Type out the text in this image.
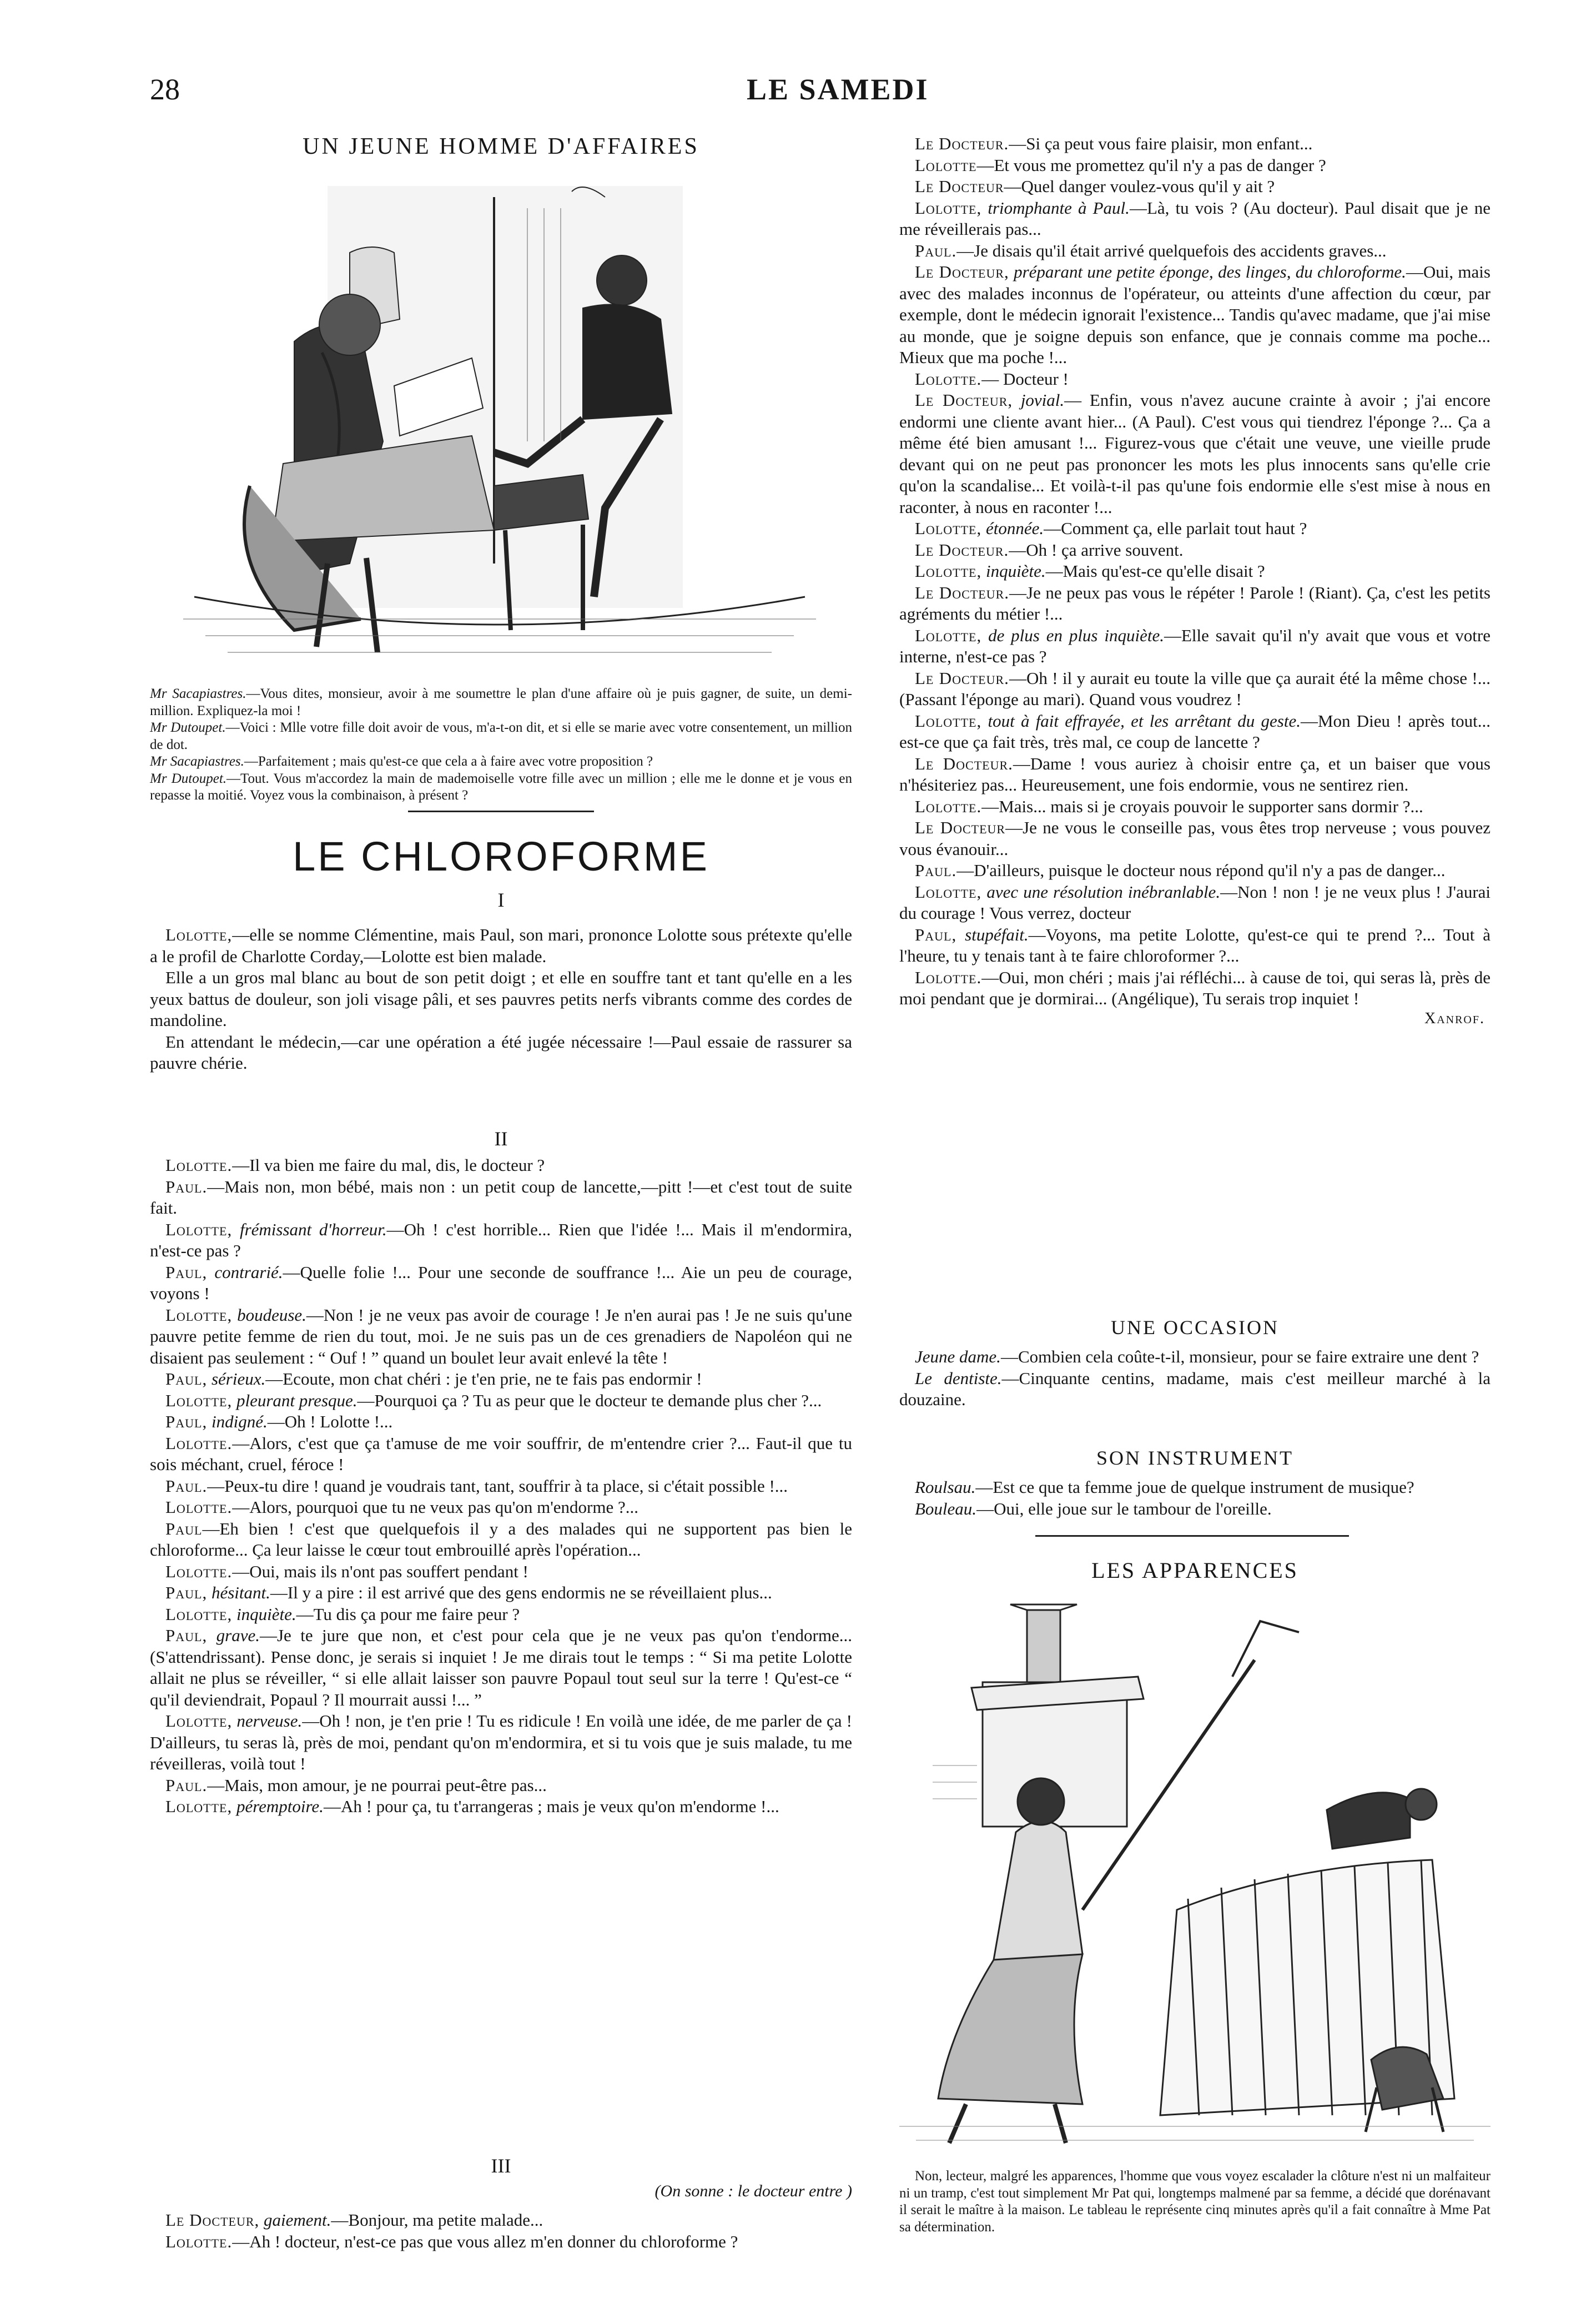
28	LE SAMEDI
UN JEUNE HOMME D'AFFAIRES

Mr Sacapiastres.—Vous dites, monsieur, avoir à me soumettre le plan d'une affaire où je puis gagner, de suite, un demi-million. Expliquez-la moi !

Mr Dutoupet.—Voici : Mlle votre fille doit avoir de vous, m'a-t-on dit, et si elle se marie avec votre consentement, un million de dot.

Mr Sacapiastres.—Parfaitement ; mais qu'est-ce que cela a à faire avec votre proposition ?

Mr Dutoupet.—Tout. Vous m'accordez la main de mademoiselle votre fille avec un million ; elle me le donne et je vous en repasse la moitié. Voyez vous la combinaison, à présent ?

LE CHLOROFORME
I

Lolotte,—elle se nomme Clémentine, mais Paul, son mari, prononce Lolotte sous prétexte qu'elle a le profil de Charlotte Corday,—Lolotte est bien malade.

Elle a un gros mal blanc au bout de son petit doigt ; et elle en souffre tant et tant qu'elle en a les yeux battus de douleur, son joli visage pâli, et ses pauvres petits nerfs vibrants comme des cordes de mandoline.

En attendant le médecin,—car une opération a été jugée nécessaire !—Paul essaie de rassurer sa pauvre chérie.

II

Lolotte.—Il va bien me faire du mal, dis, le docteur ?

Paul.—Mais non, mon bébé, mais non : un petit coup de lancette,—pitt !—et c'est tout de suite fait.

Lolotte, frémissant d'horreur.—Oh ! c'est horrible... Rien que l'idée !... Mais il m'endormira, n'est-ce pas ?

Paul, contrarié.—Quelle folie !... Pour une seconde de souffrance !... Aie un peu de courage, voyons !

Lolotte, boudeuse.—Non ! je ne veux pas avoir de courage ! Je n'en aurai pas ! Je ne suis qu'une pauvre petite femme de rien du tout, moi. Je ne suis pas un de ces grenadiers de Napoléon qui ne disaient pas seulement : “ Ouf ! ” quand un boulet leur avait enlevé la tête !

Paul, sérieux.—Ecoute, mon chat chéri : je t'en prie, ne te fais pas endormir !

Lolotte, pleurant presque.—Pourquoi ça ? Tu as peur que le docteur te demande plus cher ?...

Paul, indigné.—Oh ! Lolotte !...

Lolotte.—Alors, c'est que ça t'amuse de me voir souffrir, de m'entendre crier ?... Faut-il que tu sois méchant, cruel, féroce !

Paul.—Peux-tu dire ! quand je voudrais tant, tant, souffrir à ta place, si c'était possible !...

Lolotte.—Alors, pourquoi que tu ne veux pas qu'on m'endorme ?...

Paul—Eh bien ! c'est que quelquefois il y a des malades qui ne supportent pas bien le chloroforme... Ça leur laisse le cœur tout embrouillé après l'opération...

Lolotte.—Oui, mais ils n'ont pas souffert pendant !

Paul, hésitant.—Il y a pire : il est arrivé que des gens endormis ne se réveillaient plus...

Lolotte, inquiète.—Tu dis ça pour me faire peur ?

Paul, grave.—Je te jure que non, et c'est pour cela que je ne veux pas qu'on t'endorme... (S'attendrissant). Pense donc, je serais si inquiet ! Je me dirais tout le temps : “ Si ma petite Lolotte allait ne plus se réveiller, “ si elle allait laisser son pauvre Popaul tout seul sur la terre ! Qu'est-ce “ qu'il deviendrait, Popaul ? Il mourrait aussi !... ”

Lolotte, nerveuse.—Oh ! non, je t'en prie ! Tu es ridicule ! En voilà une idée, de me parler de ça ! D'ailleurs, tu seras là, près de moi, pendant qu'on m'endormira, et si tu vois que je suis malade, tu me réveilleras, voilà tout !

Paul.—Mais, mon amour, je ne pourrai peut-être pas...

Lolotte, péremptoire.—Ah ! pour ça, tu t'arrangeras ; mais je veux qu'on m'endorme !...

III
(On sonne : le docteur entre )

Le Docteur, gaiement.—Bonjour, ma petite malade...

Lolotte.—Ah ! docteur, n'est-ce pas que vous allez m'en donner du chloroforme ?

Le Docteur.—Si ça peut vous faire plaisir, mon enfant...

Lolotte—Et vous me promettez qu'il n'y a pas de danger ?

Le Docteur—Quel danger voulez-vous qu'il y ait ?

Lolotte, triomphante à Paul.—Là, tu vois ? (Au docteur). Paul disait que je ne me réveillerais pas...

Paul.—Je disais qu'il était arrivé quelquefois des accidents graves...

Le Docteur, préparant une petite éponge, des linges, du chloroforme.—Oui, mais avec des malades inconnus de l'opérateur, ou atteints d'une affection du cœur, par exemple, dont le médecin ignorait l'existence... Tandis qu'avec madame, que j'ai mise au monde, que je soigne depuis son enfance, que je connais comme ma poche... Mieux que ma poche !...

Lolotte.— Docteur !

Le Docteur, jovial.— Enfin, vous n'avez aucune crainte à avoir ; j'ai encore endormi une cliente avant hier... (A Paul). C'est vous qui tiendrez l'éponge ?... Ça a même été bien amusant !... Figurez-vous que c'était une veuve, une vieille prude devant qui on ne peut pas prononcer les mots les plus innocents sans qu'elle crie qu'on la scandalise... Et voilà-t-il pas qu'une fois endormie elle s'est mise à nous en raconter, à nous en raconter !...

Lolotte, étonnée.—Comment ça, elle parlait tout haut ?

Le Docteur.—Oh ! ça arrive souvent.

Lolotte, inquiète.—Mais qu'est-ce qu'elle disait ?

Le Docteur.—Je ne peux pas vous le répéter ! Parole ! (Riant). Ça, c'est les petits agréments du métier !...

Lolotte, de plus en plus inquiète.—Elle savait qu'il n'y avait que vous et votre interne, n'est-ce pas ?

Le Docteur.—Oh ! il y aurait eu toute la ville que ça aurait été la même chose !... (Passant l'éponge au mari). Quand vous voudrez !

Lolotte, tout à fait effrayée, et les arrêtant du geste.—Mon Dieu ! après tout... est-ce que ça fait très, très mal, ce coup de lancette ?

Le Docteur.—Dame ! vous auriez à choisir entre ça, et un baiser que vous n'hésiteriez pas... Heureusement, une fois endormie, vous ne sentirez rien.

Lolotte.—Mais... mais si je croyais pouvoir le supporter sans dormir ?...

Le Docteur—Je ne vous le conseille pas, vous êtes trop nerveuse ; vous pouvez vous évanouir...

Paul.—D'ailleurs, puisque le docteur nous répond qu'il n'y a pas de danger...

Lolotte, avec une résolution inébranlable.—Non ! non ! je ne veux plus ! J'aurai du courage ! Vous verrez, docteur

Paul, stupéfait.—Voyons, ma petite Lolotte, qu'est-ce qui te prend ?... Tout à l'heure, tu y tenais tant à te faire chloroformer ?...

Lolotte.—Oui, mon chéri ; mais j'ai réfléchi... à cause de toi, qui seras là, près de moi pendant que je dormirai... (Angélique), Tu serais trop inquiet !

Xanrof.
UNE OCCASION

Jeune dame.—Combien cela coûte-t-il, monsieur, pour se faire extraire une dent ?

Le dentiste.—Cinquante centins, madame, mais c'est meilleur marché à la douzaine.

SON INSTRUMENT

Roulsau.—Est ce que ta femme joue de quelque instrument de musique?

Bouleau.—Oui, elle joue sur le tambour de l'oreille.

LES APPARENCES

Non, lecteur, malgré les apparences, l'homme que vous voyez escalader la clôture n'est ni un malfaiteur ni un tramp, c'est tout simplement Mr Pat qui, longtemps malmené par sa femme, a décidé que dorénavant il serait le maître à la maison. Le tableau le représente cinq minutes après qu'il a fait connaître à Mme Pat sa détermination.
